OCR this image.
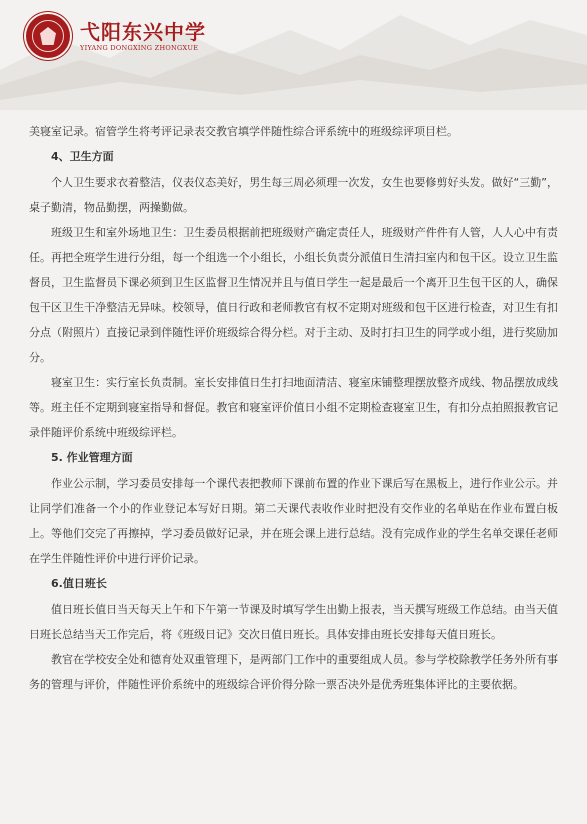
弋阳东兴中学
YIYANG DONGXING ZHONGXUE

美寝室记录。宿管学生将考评记录表交教官填学伴随性综合评系统中的班级综评项目栏。

4、卫生方面

个人卫生要求衣着整洁，仪表仪态美好，男生每三周必须理一次发，女生也要修剪好头发。做好“三勤”，桌子勤清，物品勤摆，两操勤做。

班级卫生和室外场地卫生：卫生委员根据前把班级财产确定责任人，班级财产件件有人管，人人心中有责任。再把全班学生进行分组，每一个组选一个小组长，小组长负责分派值日生清扫室内和包干区。设立卫生监督员，卫生监督员下课必须到卫生区监督卫生情况并且与值日学生一起是最后一个离开卫生包干区的人，确保包干区卫生干净整洁无异味。校领导，值日行政和老师教官有权不定期对班级和包干区进行检查，对卫生有扣分点（附照片）直接记录到伴随性评价班级综合得分栏。对于主动、及时打扫卫生的同学或小组，进行奖励加分。

寝室卫生：实行室长负责制。室长安排值日生打扫地面清洁、寝室床铺整理摆放整齐成线、物品摆放成线等。班主任不定期到寝室指导和督促。教官和寝室评价值日小组不定期检查寝室卫生，有扣分点拍照报教官记录伴随评价系统中班级综评栏。

5. 作业管理方面

作业公示制，学习委员安排每一个课代表把教师下课前布置的作业下课后写在黑板上，进行作业公示。并让同学们准备一个小的作业登记本写好日期。第二天课代表收作业时把没有交作业的名单贴在作业布置白板上。等他们交完了再擦掉，学习委员做好记录，并在班会课上进行总结。没有完成作业的学生名单交课任老师在学生伴随性评价中进行评价记录。

6.值日班长

值日班长值日当天每天上午和下午第一节课及时填写学生出勤上报表，当天撰写班级工作总结。由当天值日班长总结当天工作完后，将《班级日记》交次日值日班长。具体安排由班长安排每天值日班长。

教官在学校安全处和德育处双重管理下，是两部门工作中的重要组成人员。参与学校除教学任务外所有事务的管理与评价，伴随性评价系统中的班级综合评价得分除一票否决外是优秀班集体评比的主要依据。
